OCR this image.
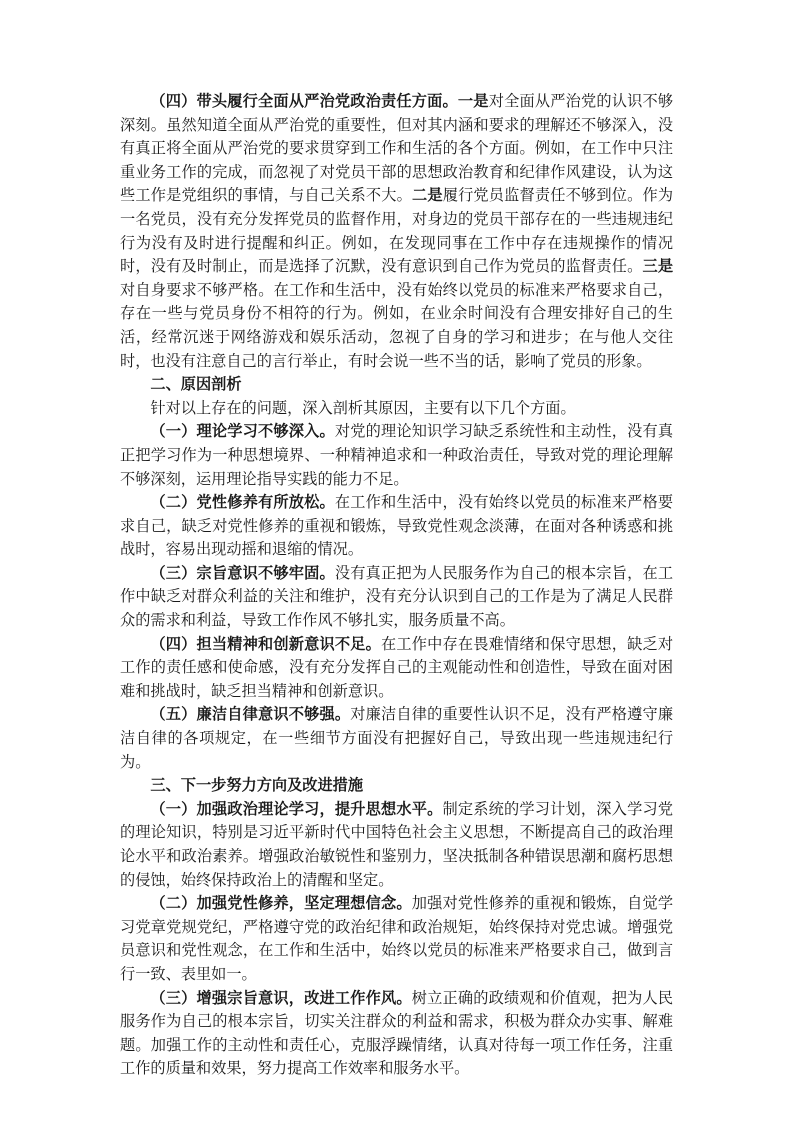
（四）带头履行全面从严治党政治责任方面。一是对全面从严治党的认识不够深刻。虽然知道全面从严治党的重要性，但对其内涵和要求的理解还不够深入，没有真正将全面从严治党的要求贯穿到工作和生活的各个方面。例如，在工作中只注重业务工作的完成，而忽视了对党员干部的思想政治教育和纪律作风建设，认为这些工作是党组织的事情，与自己关系不大。二是履行党员监督责任不够到位。作为一名党员，没有充分发挥党员的监督作用，对身边的党员干部存在的一些违规违纪行为没有及时进行提醒和纠正。例如，在发现同事在工作中存在违规操作的情况时，没有及时制止，而是选择了沉默，没有意识到自己作为党员的监督责任。三是对自身要求不够严格。在工作和生活中，没有始终以党员的标准来严格要求自己，存在一些与党员身份不相符的行为。例如，在业余时间没有合理安排好自己的生活，经常沉迷于网络游戏和娱乐活动，忽视了自身的学习和进步；在与他人交往时，也没有注意自己的言行举止，有时会说一些不当的话，影响了党员的形象。

二、原因剖析

针对以上存在的问题，深入剖析其原因，主要有以下几个方面。

（一）理论学习不够深入。对党的理论知识学习缺乏系统性和主动性，没有真正把学习作为一种思想境界、一种精神追求和一种政治责任，导致对党的理论理解不够深刻，运用理论指导实践的能力不足。

（二）党性修养有所放松。在工作和生活中，没有始终以党员的标准来严格要求自己，缺乏对党性修养的重视和锻炼，导致党性观念淡薄，在面对各种诱惑和挑战时，容易出现动摇和退缩的情况。

（三）宗旨意识不够牢固。没有真正把为人民服务作为自己的根本宗旨，在工作中缺乏对群众利益的关注和维护，没有充分认识到自己的工作是为了满足人民群众的需求和利益，导致工作作风不够扎实，服务质量不高。

（四）担当精神和创新意识不足。在工作中存在畏难情绪和保守思想，缺乏对工作的责任感和使命感，没有充分发挥自己的主观能动性和创造性，导致在面对困难和挑战时，缺乏担当精神和创新意识。

（五）廉洁自律意识不够强。对廉洁自律的重要性认识不足，没有严格遵守廉洁自律的各项规定，在一些细节方面没有把握好自己，导致出现一些违规违纪行为。

三、下一步努力方向及改进措施

（一）加强政治理论学习，提升思想水平。制定系统的学习计划，深入学习党的理论知识，特别是习近平新时代中国特色社会主义思想，不断提高自己的政治理论水平和政治素养。增强政治敏锐性和鉴别力，坚决抵制各种错误思潮和腐朽思想的侵蚀，始终保持政治上的清醒和坚定。

（二）加强党性修养，坚定理想信念。加强对党性修养的重视和锻炼，自觉学习党章党规党纪，严格遵守党的政治纪律和政治规矩，始终保持对党忠诚。增强党员意识和党性观念，在工作和生活中，始终以党员的标准来严格要求自己，做到言行一致、表里如一。

（三）增强宗旨意识，改进工作作风。树立正确的政绩观和价值观，把为人民服务作为自己的根本宗旨，切实关注群众的利益和需求，积极为群众办实事、解难题。加强工作的主动性和责任心，克服浮躁情绪，认真对待每一项工作任务，注重工作的质量和效果，努力提高工作效率和服务水平。
